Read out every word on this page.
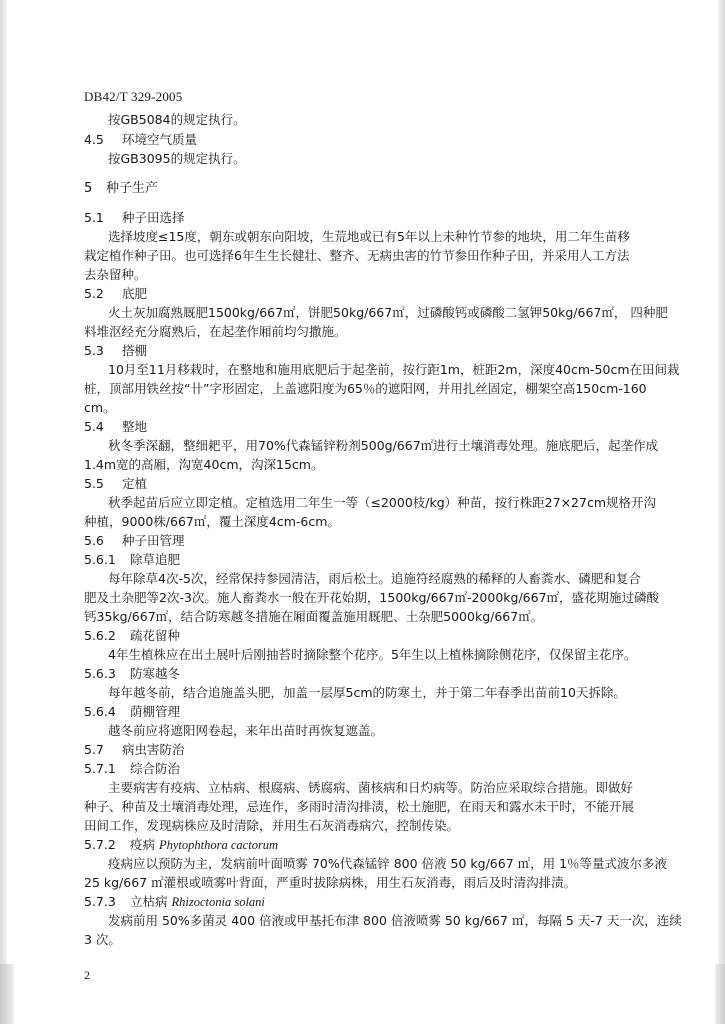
DB42/T 329-2005
按GB5084的规定执行。
4.5 环境空气质量
按GB3095的规定执行。
5 种子生产
5.1 种子田选择
选择坡度≤15度，朝东或朝东向阳坡，生荒地或已有5年以上未种竹节参的地块，用二年生苗移
栽定植作种子田。也可选择6年生生长健壮、整齐、无病虫害的竹节参田作种子田，并采用人工方法
去杂留种。
5.2 底肥
火土灰加腐熟厩肥1500kg/667㎡，饼肥50kg/667㎡，过磷酸钙或磷酸二氢钾50kg/667㎡， 四种肥
料堆沤经充分腐熟后，在起垄作厢前均匀撒施。
5.3 搭棚
10月至11月移栽时，在整地和施用底肥后于起垄前，按行距1m，桩距2m，深度40cm-50cm在田间栽
桩，顶部用铁丝按“卄”字形固定，上盖遮阳度为65％的遮阳网，并用扎丝固定，棚架空高150cm-160
cm。
5.4 整地
秋冬季深翻，整细耙平，用70%代森锰锌粉剂500g/667㎡进行土壤消毒处理。施底肥后，起垄作成
1.4m宽的高厢，沟宽40cm，沟深15cm。
5.5 定植
秋季起苗后应立即定植。定植选用二年生一等（≤2000枝/kg）种苗，按行株距27×27cm规格开沟
种植，9000株/667㎡，覆土深度4cm-6cm。
5.6 种子田管理
5.6.1 除草追肥
每年除草4次-5次，经常保持参园清洁，雨后松土。追施符经腐熟的稀释的人畜粪水、磷肥和复合
肥及土杂肥等2次-3次。施人畜粪水一般在开花始期，1500kg/667㎡-2000kg/667㎡，盛花期施过磷酸
钙35kg/667㎡，结合防寒越冬措施在厢面覆盖施用厩肥、土杂肥5000kg/667㎡。
5.6.2 疏花留种
4年生植株应在出土展叶后刚抽苔时摘除整个花序。5年生以上植株摘除侧花序，仅保留主花序。
5.6.3 防寒越冬
每年越冬前，结合追施盖头肥，加盖一层厚5cm的防寒土，并于第二年春季出苗前10天拆除。
5.6.4 荫棚管理
越冬前应将遮阳网卷起，来年出苗时再恢复遮盖。
5.7 病虫害防治
5.7.1 综合防治
主要病害有疫病、立枯病、根腐病、锈腐病、菌核病和日灼病等。防治应采取综合措施。即做好
种子、种苗及土壤消毒处理，忌连作，多雨时清沟排渍，松土施肥，在雨天和露水未干时，不能开展
田间工作，发现病株应及时清除，并用生石灰消毒病穴，控制传染。
5.7.2 疫病 Phytophthora cactorum
疫病应以预防为主，发病前叶面喷雾 70%代森锰锌 800 倍液 50 kg/667 ㎡，用 1％等量式波尔多液
25 kg/667 ㎡灌根或喷雾叶背面，严重时拔除病株，用生石灰消毒，雨后及时清沟排渍。
5.7.3 立枯病 Rhizoctonia solani
发病前用 50%多菌灵 400 倍液或甲基托布津 800 倍液喷雾 50 kg/667 ㎡，每隔 5 天-7 天一次，连续
3 次。
2
